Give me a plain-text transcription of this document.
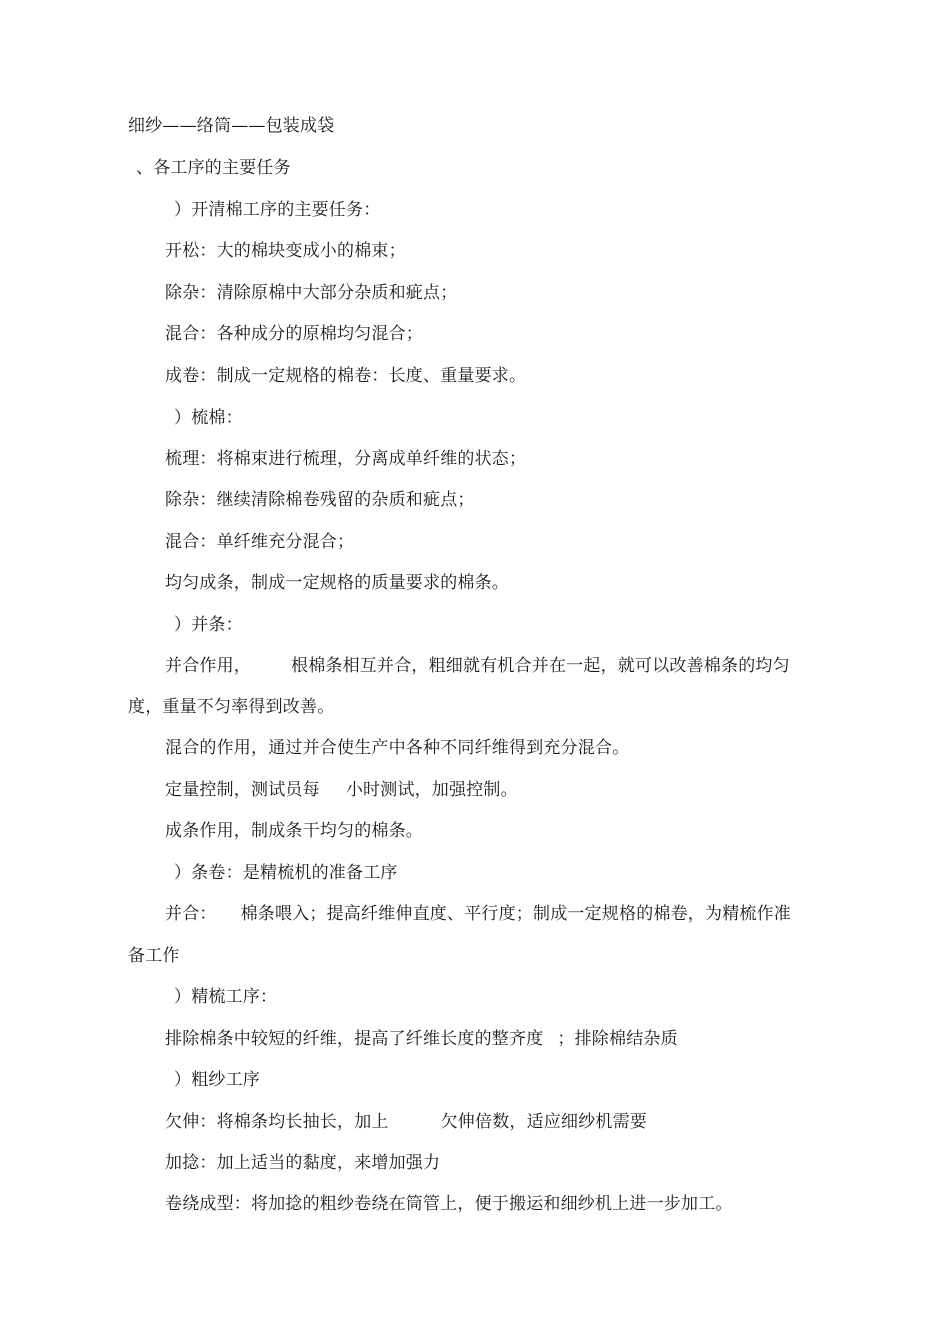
细纱——络筒——包装成袋
、各工序的主要任务
）开清棉工序的主要任务：
开松：大的棉块变成小的棉束；
除杂：清除原棉中大部分杂质和疵点；
混合：各种成分的原棉均匀混合；
成卷：制成一定规格的棉卷：长度、重量要求。
）梳棉：
梳理：将棉束进行梳理，分离成单纤维的状态；
除杂：继续清除棉卷残留的杂质和疵点；
混合：单纤维充分混合；
均匀成条，制成一定规格的质量要求的棉条。
）并条：
并合作用， 根棉条相互并合，粗细就有机合并在一起，就可以改善棉条的均匀
度，重量不匀率得到改善。
混合的作用，通过并合使生产中各种不同纤维得到充分混合。
定量控制，测试员每 小时测试，加强控制。
成条作用，制成条干均匀的棉条。
）条卷：是精梳机的准备工序
并合： 棉条喂入；提高纤维伸直度、平行度；制成一定规格的棉卷，为精梳作准
备工作
）精梳工序：
排除棉条中较短的纤维，提高了纤维长度的整齐度 ；排除棉结杂质
）粗纱工序
欠伸：将棉条均长抽长，加上	欠伸倍数，适应细纱机需要
加捻：加上适当的黏度，来增加强力
卷绕成型：将加捻的粗纱卷绕在筒管上，便于搬运和细纱机上进一步加工。
